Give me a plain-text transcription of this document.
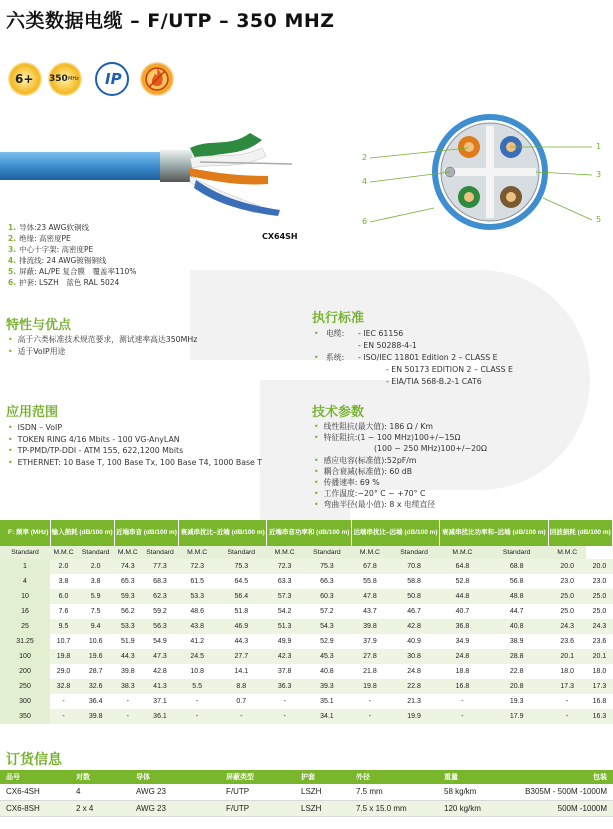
六类数据电缆 – F/UTP – 350 MHZ
6+ 350 MHz IP
CX64SH
1
2
3
4
5
6
1. 导体:23 AWG软铜线
2. 绝缘: 高密度PE
3. 中心十字架: 高密度PE
4. 排流线: 24 AWG镀锡铜线
5. 屏蔽: AL/PE 复合膜　覆盖率110%
6. 护套: LSZH　蓝色 RAL 5024
特性与优点
• 高于六类标准技术规范要求，测试速率高达350MHz
• 适于VoIP用途
应用范围
• ISDN – VoIP
• TOKEN RING 4/16 Mbits - 100 VG-AnyLAN
• TP-PMD/TP-DDI - ATM 155, 622,1200 Mbits
• ETHERNET: 10 Base T, 100 Base Tx, 100 Base T4, 1000 Base T
执行标准
• 电缆: - IEC 61156
- EN 50288-4-1
• 系统: - ISO/IEC 11801 Edition 2 – CLASS E
- EN 50173 EDITION 2 – CLASS E
- EIA/TIA 568-B.2-1 CAT6
技术参数
• 线性阻抗(最大值): 186 Ω / Km
• 特征阻抗:(1 ~ 100 MHz)100+/−15Ω
(100 ~ 250 MHz)100+/−20Ω
• 感应电容(标准值):52pF/m
• 耦合衰减(标准值): 60 dB
• 传播速率: 69 %
• 工作温度:−20° C ~ +70° C
• 弯曲半径(最小值): 8 x 电缆直径
F: 频率 (MHz)	输入损耗 (dB/100 m)		近端串音 (dB/100 m)		衰减串扰比–近端 (dB/100 m)		近端串音功率和 (dB/100 m)		远端串扰比–远端 (dB/100 m)		衰减串扰比功率和–远端 (dB/100 m)		回波损耗 (dB/100 m)	
Standard	M.M.C	Standard	M.M.C	Standard	M.M.C	Standard	M.M.C	Standard	M.M.C	Standard	M.M.C	Standard	M.M.C	
1	2.0	2.0	74.3	77.3	72.3	75.3	72.3	75.3	67.8	70.8	64.8	68.8	20.0	20.0
4	3.8	3.8	65.3	68.3	61.5	64.5	63.3	66.3	55.8	58.8	52.8	56.8	23.0	23.0
10	6.0	5.9	59.3	62.3	53.3	56.4	57.3	60.3	47.8	50.8	44.8	48.8	25.0	25.0
16	7.6	7.5	56.2	59.2	48.6	51.8	54.2	57.2	43.7	46.7	40.7	44.7	25.0	25.0
25	9.5	9.4	53.3	56.3	43.8	46.9	51.3	54.3	39.8	42.8	36.8	40.8	24.3	24.3
31.25	10.7	10.6	51.9	54.9	41.2	44.3	49.9	52.9	37.9	40.9	34.9	38.9	23.6	23.6
100	19.8	19.6	44.3	47.3	24.5	27.7	42.3	45.3	27.8	30.8	24.8	28.8	20.1	20.1
200	29.0	28.7	39.8	42.8	10.8	14.1	37.8	40.8	21.8	24.8	18.8	22.8	18.0	18.0
250	32.8	32.6	38.3	41.3	5.5	8.8	36.3	39.3	19.8	22.8	16.8	20.8	17.3	17.3
300	-	36.4	-	37.1	-	0.7	-	35.1	-	21.3	-	19.3	-	16.8
350	-	39.8	-	36.1	-	-	-	34.1	-	19.9	-	17.9	-	16.3
订货信息
品号	对数	导体	屏蔽类型	护套	外径	重量	包装
CX6-4SH	4	AWG 23	F/UTP	LSZH	7.5 mm	58 kg/km	B305M - 500M -1000M
CX6-8SH	2 x 4	AWG 23	F/UTP	LSZH	7.5 x 15.0 mm	120 kg/km	500M -1000M
